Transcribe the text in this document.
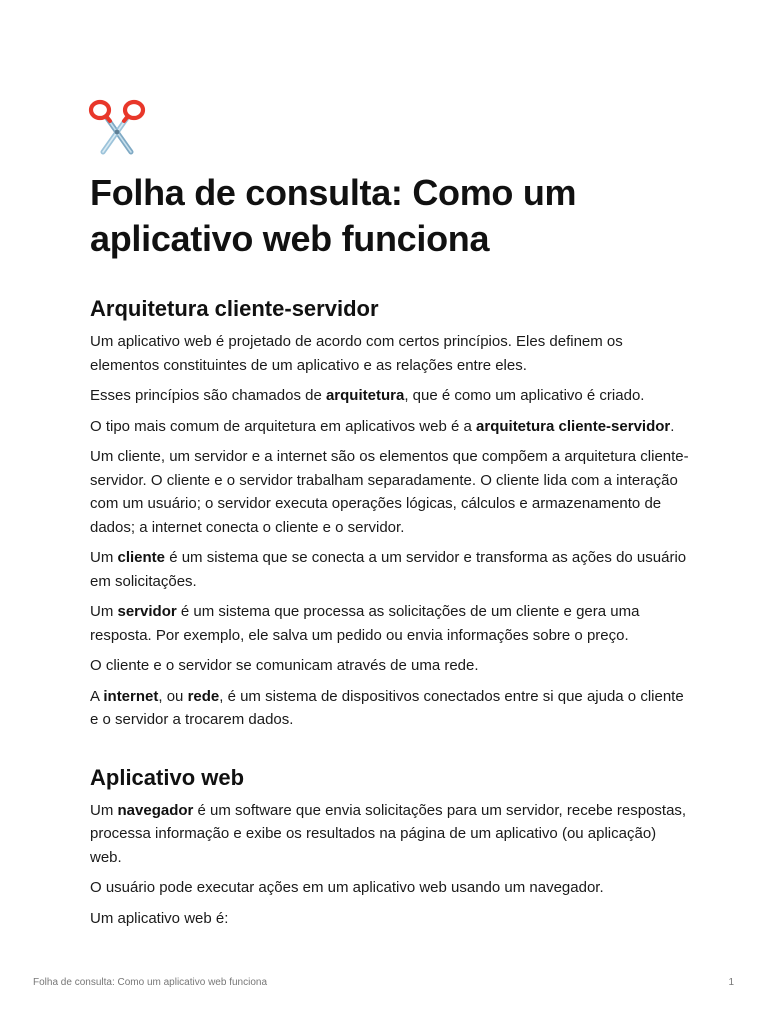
Folha de consulta: Como um aplicativo web funciona
Arquitetura cliente-servidor

Um aplicativo web é projetado de acordo com certos princípios. Eles definem os elementos constituintes de um aplicativo e as relações entre eles.

Esses princípios são chamados de arquitetura, que é como um aplicativo é criado.

O tipo mais comum de arquitetura em aplicativos web é a arquitetura cliente-servidor.

Um cliente, um servidor e a internet são os elementos que compõem a arquitetura cliente-servidor. O cliente e o servidor trabalham separadamente. O cliente lida com a interação com um usuário; o servidor executa operações lógicas, cálculos e armazenamento de dados; a internet conecta o cliente e o servidor.

Um cliente é um sistema que se conecta a um servidor e transforma as ações do usuário em solicitações.

Um servidor é um sistema que processa as solicitações de um cliente e gera uma resposta. Por exemplo, ele salva um pedido ou envia informações sobre o preço.

O cliente e o servidor se comunicam através de uma rede.

A internet, ou rede, é um sistema de dispositivos conectados entre si que ajuda o cliente e o servidor a trocarem dados.

Aplicativo web

Um navegador é um software que envia solicitações para um servidor, recebe respostas, processa informação e exibe os resultados na página de um aplicativo (ou aplicação) web.

O usuário pode executar ações em um aplicativo web usando um navegador.

Um aplicativo web é:

Folha de consulta: Como um aplicativo web funciona	1
